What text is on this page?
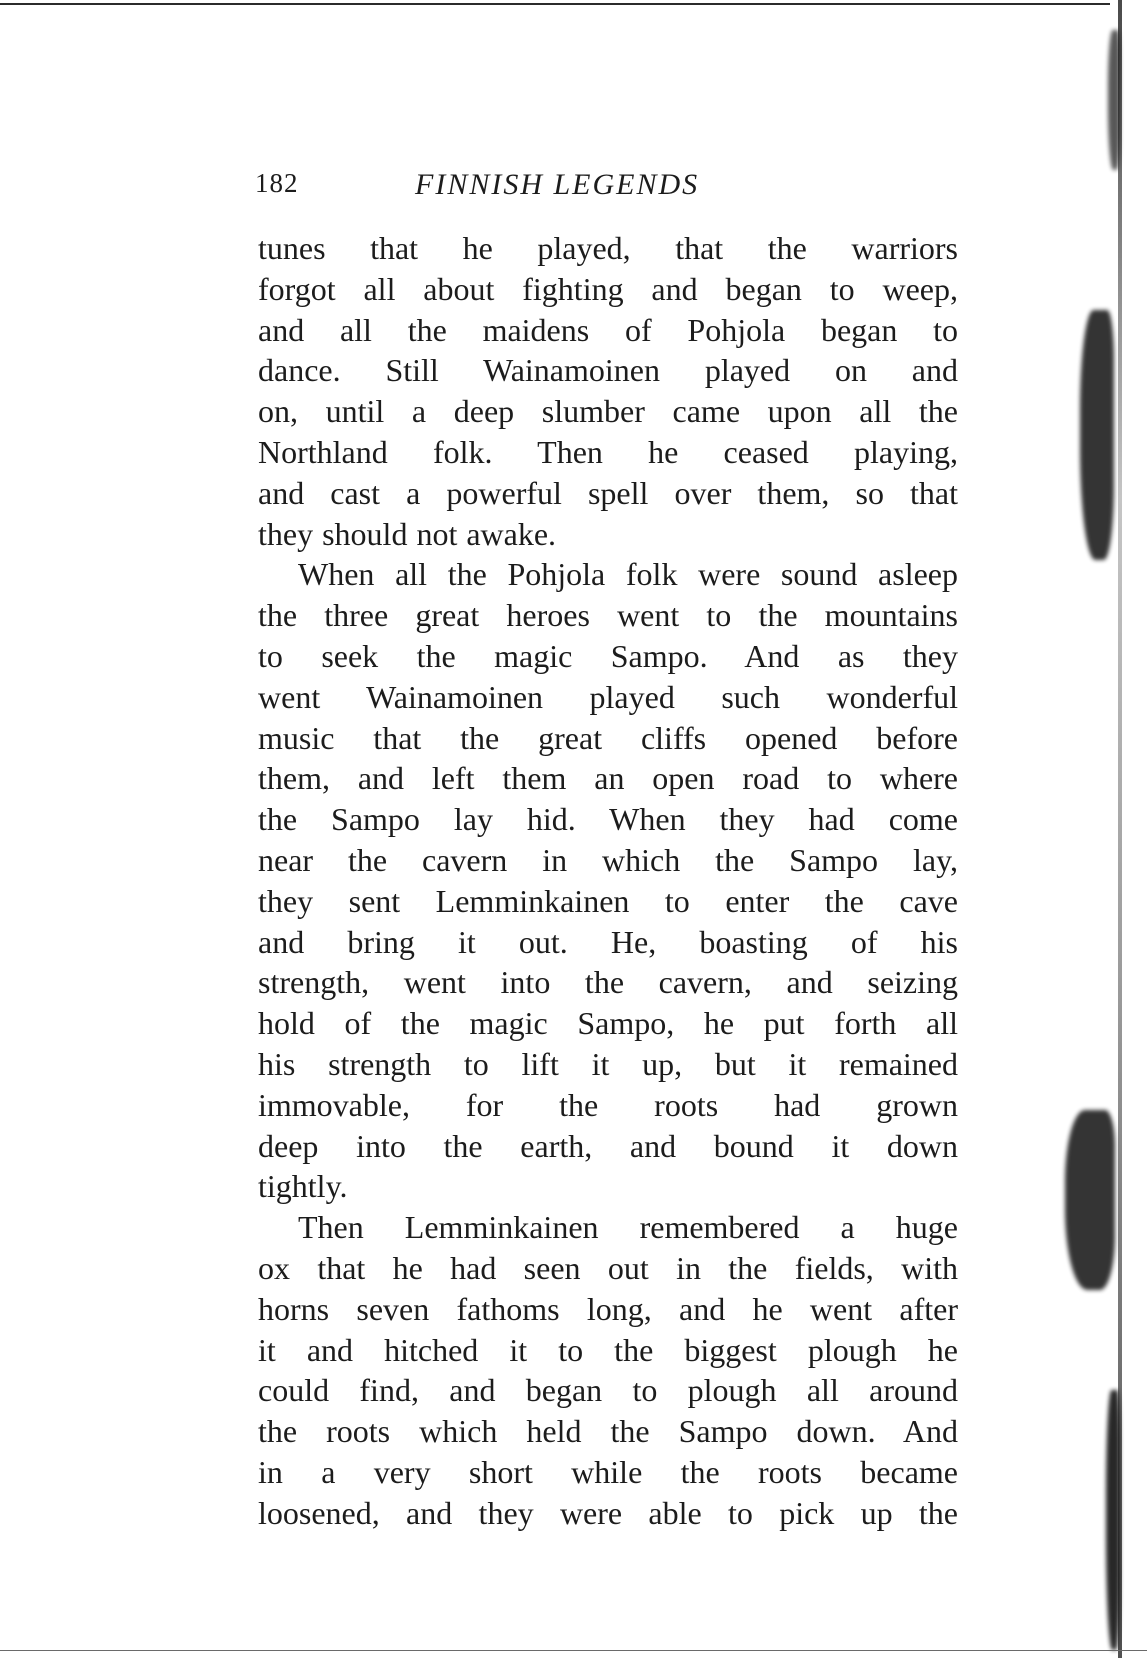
182	FINNISH LEGENDS
tunes that he played, that the warriors
forgot all about fighting and began to weep,
and all the maidens of Pohjola began to
dance. Still Wainamoinen played on and
on, until a deep slumber came upon all the
Northland folk. Then he ceased playing,
and cast a powerful spell over them, so that
they should not awake.
When all the Pohjola folk were sound asleep
the three great heroes went to the mountains
to seek the magic Sampo. And as they
went Wainamoinen played such wonderful
music that the great cliffs opened before
them, and left them an open road to where
the Sampo lay hid. When they had come
near the cavern in which the Sampo lay,
they sent Lemminkainen to enter the cave
and bring it out. He, boasting of his
strength, went into the cavern, and seizing
hold of the magic Sampo, he put forth all
his strength to lift it up, but it remained
immovable, for the roots had grown
deep into the earth, and bound it down
tightly.
Then Lemminkainen remembered a huge
ox that he had seen out in the fields, with
horns seven fathoms long, and he went after
it and hitched it to the biggest plough he
could find, and began to plough all around
the roots which held the Sampo down. And
in a very short while the roots became
loosened, and they were able to pick up the
